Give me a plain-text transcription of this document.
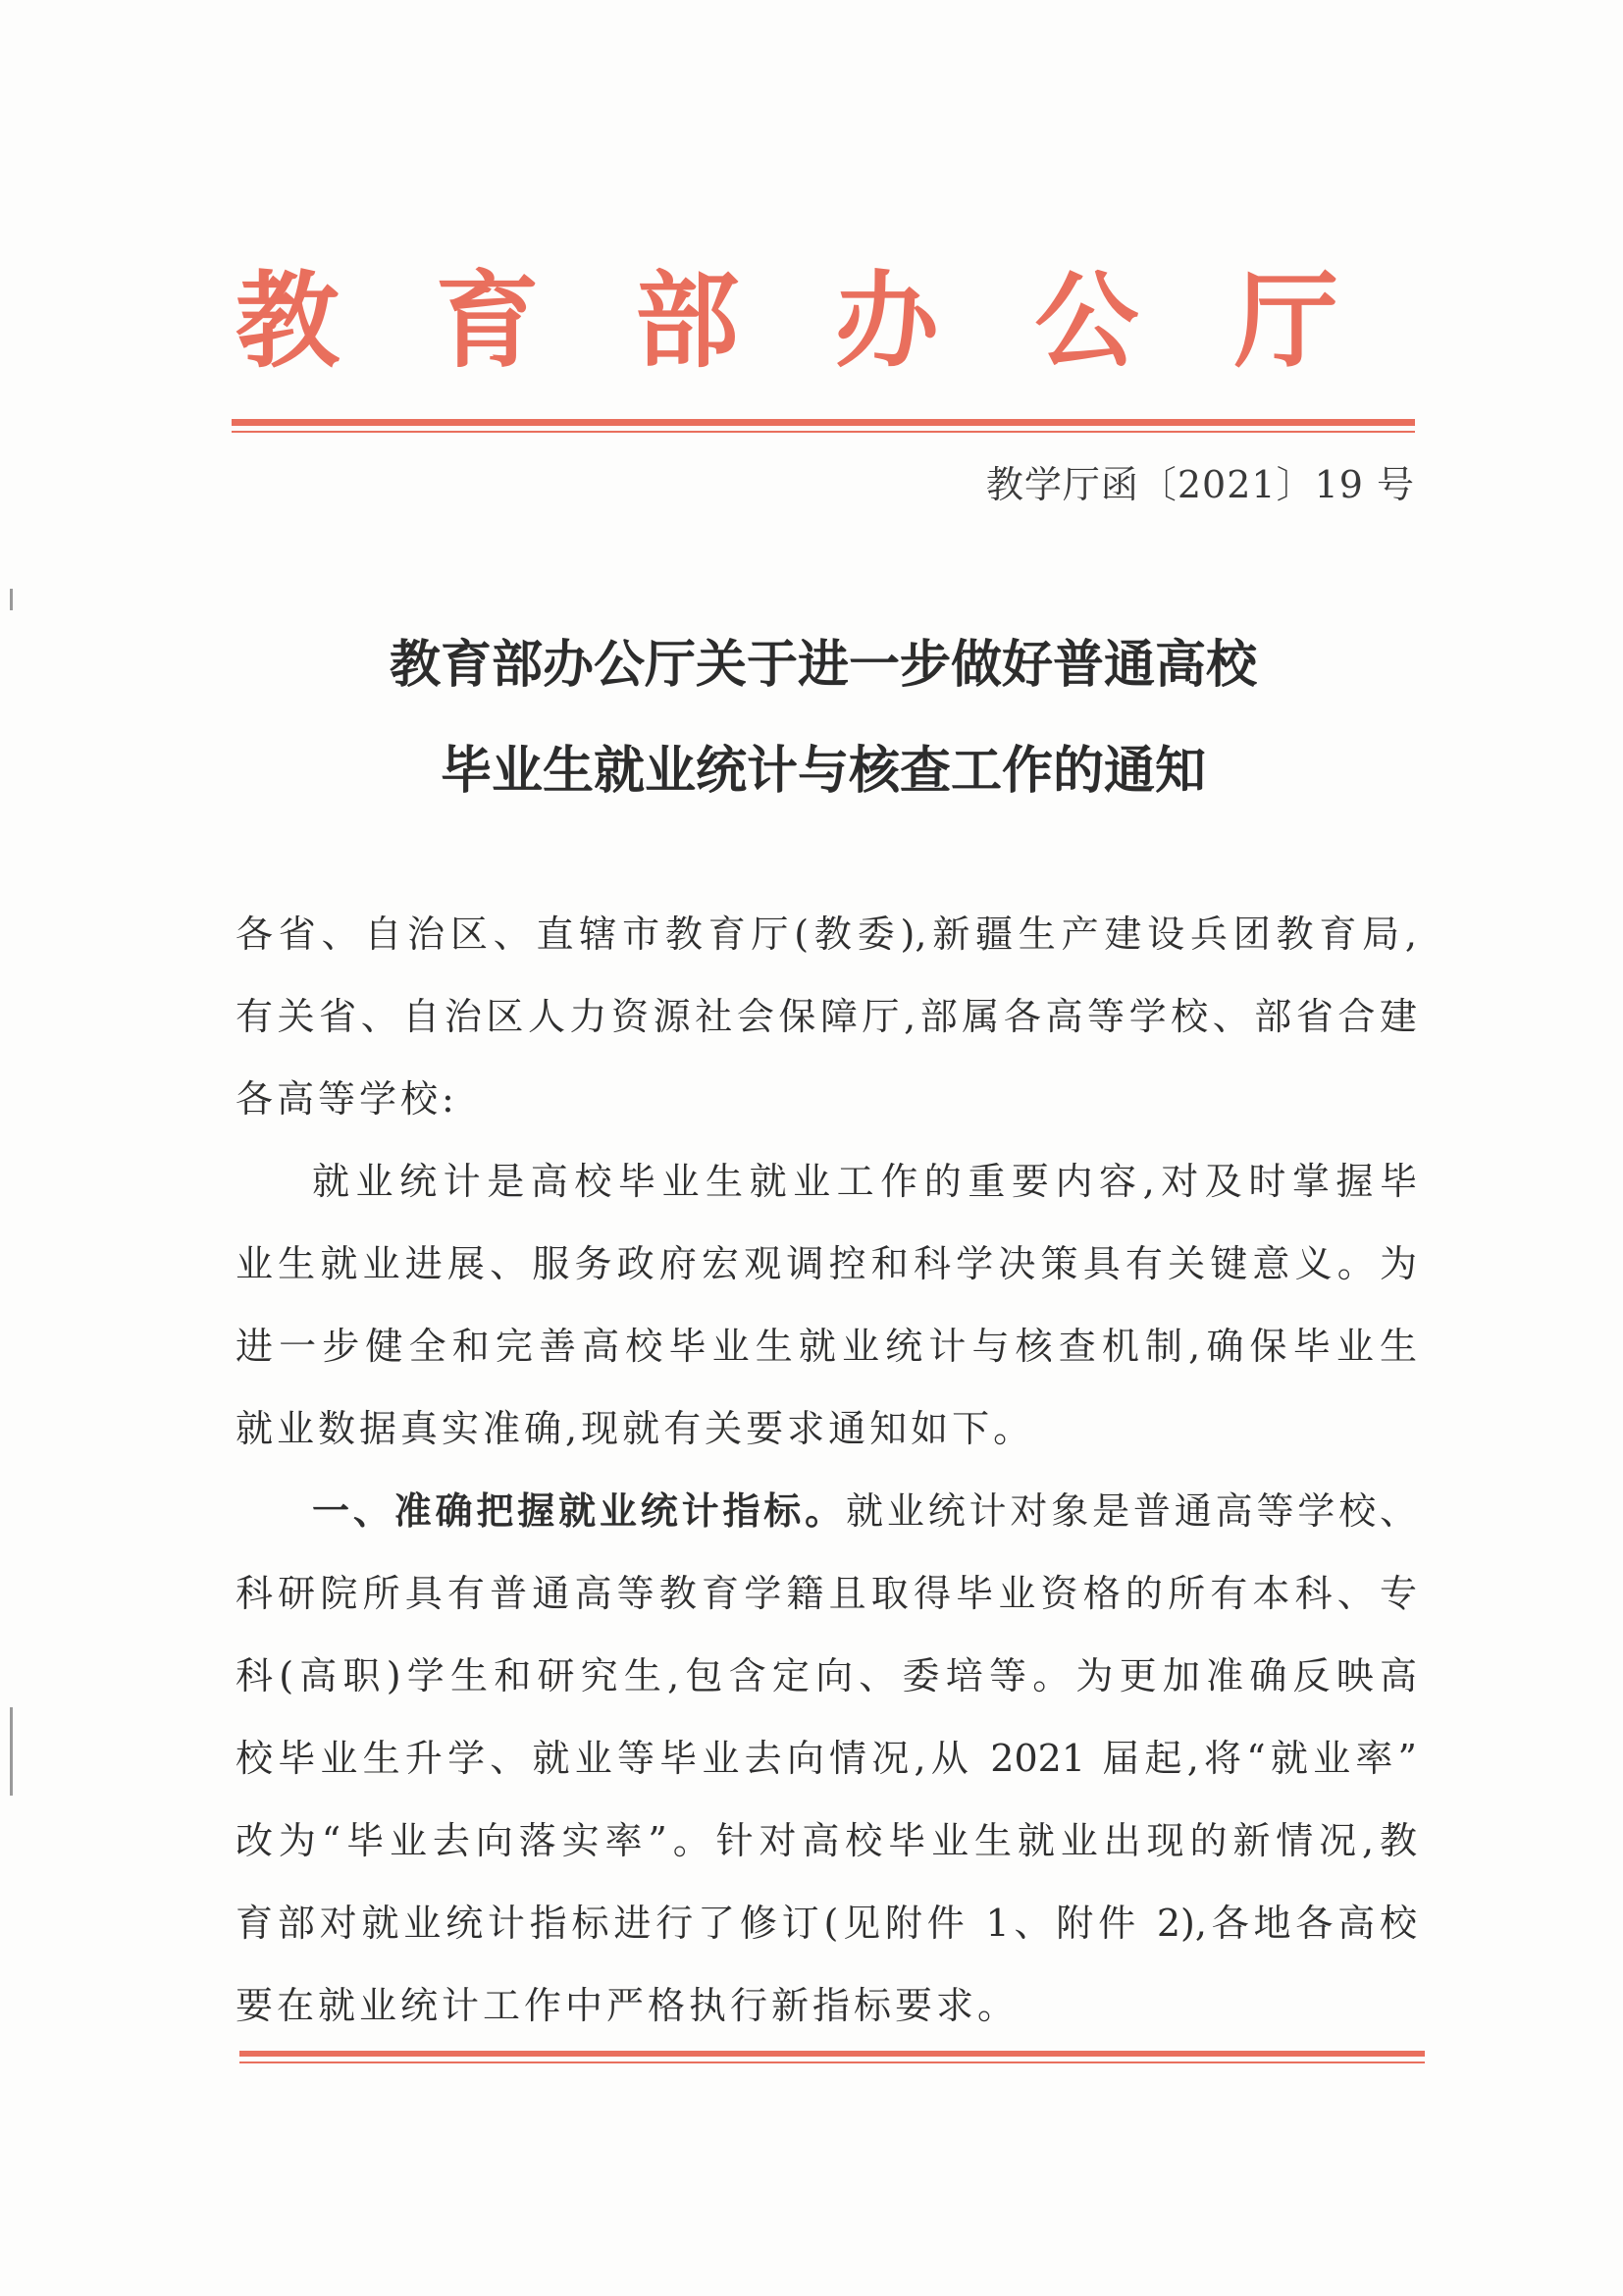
教 育 部 办 公 厅
教学厅函〔2021〕19 号
教育部办公厅关于进一步做好普通高校
毕业生就业统计与核查工作的通知
各省、自治区、直辖市教育厅(教委),新疆生产建设兵团教育局,
有关省、自治区人力资源社会保障厅,部属各高等学校、部省合建
各高等学校:
就业统计是高校毕业生就业工作的重要内容,对及时掌握毕
业生就业进展、服务政府宏观调控和科学决策具有关键意义。为
进一步健全和完善高校毕业生就业统计与核查机制,确保毕业生
就业数据真实准确,现就有关要求通知如下。
一、准确把握就业统计指标。就业统计对象是普通高等学校、
科研院所具有普通高等教育学籍且取得毕业资格的所有本科、专
科(高职)学生和研究生,包含定向、委培等。为更加准确反映高
校毕业生升学、就业等毕业去向情况,从 2021 届起,将“就业率”
改为“毕业去向落实率”。针对高校毕业生就业出现的新情况,教
育部对就业统计指标进行了修订(见附件 1、附件 2),各地各高校
要在就业统计工作中严格执行新指标要求。
